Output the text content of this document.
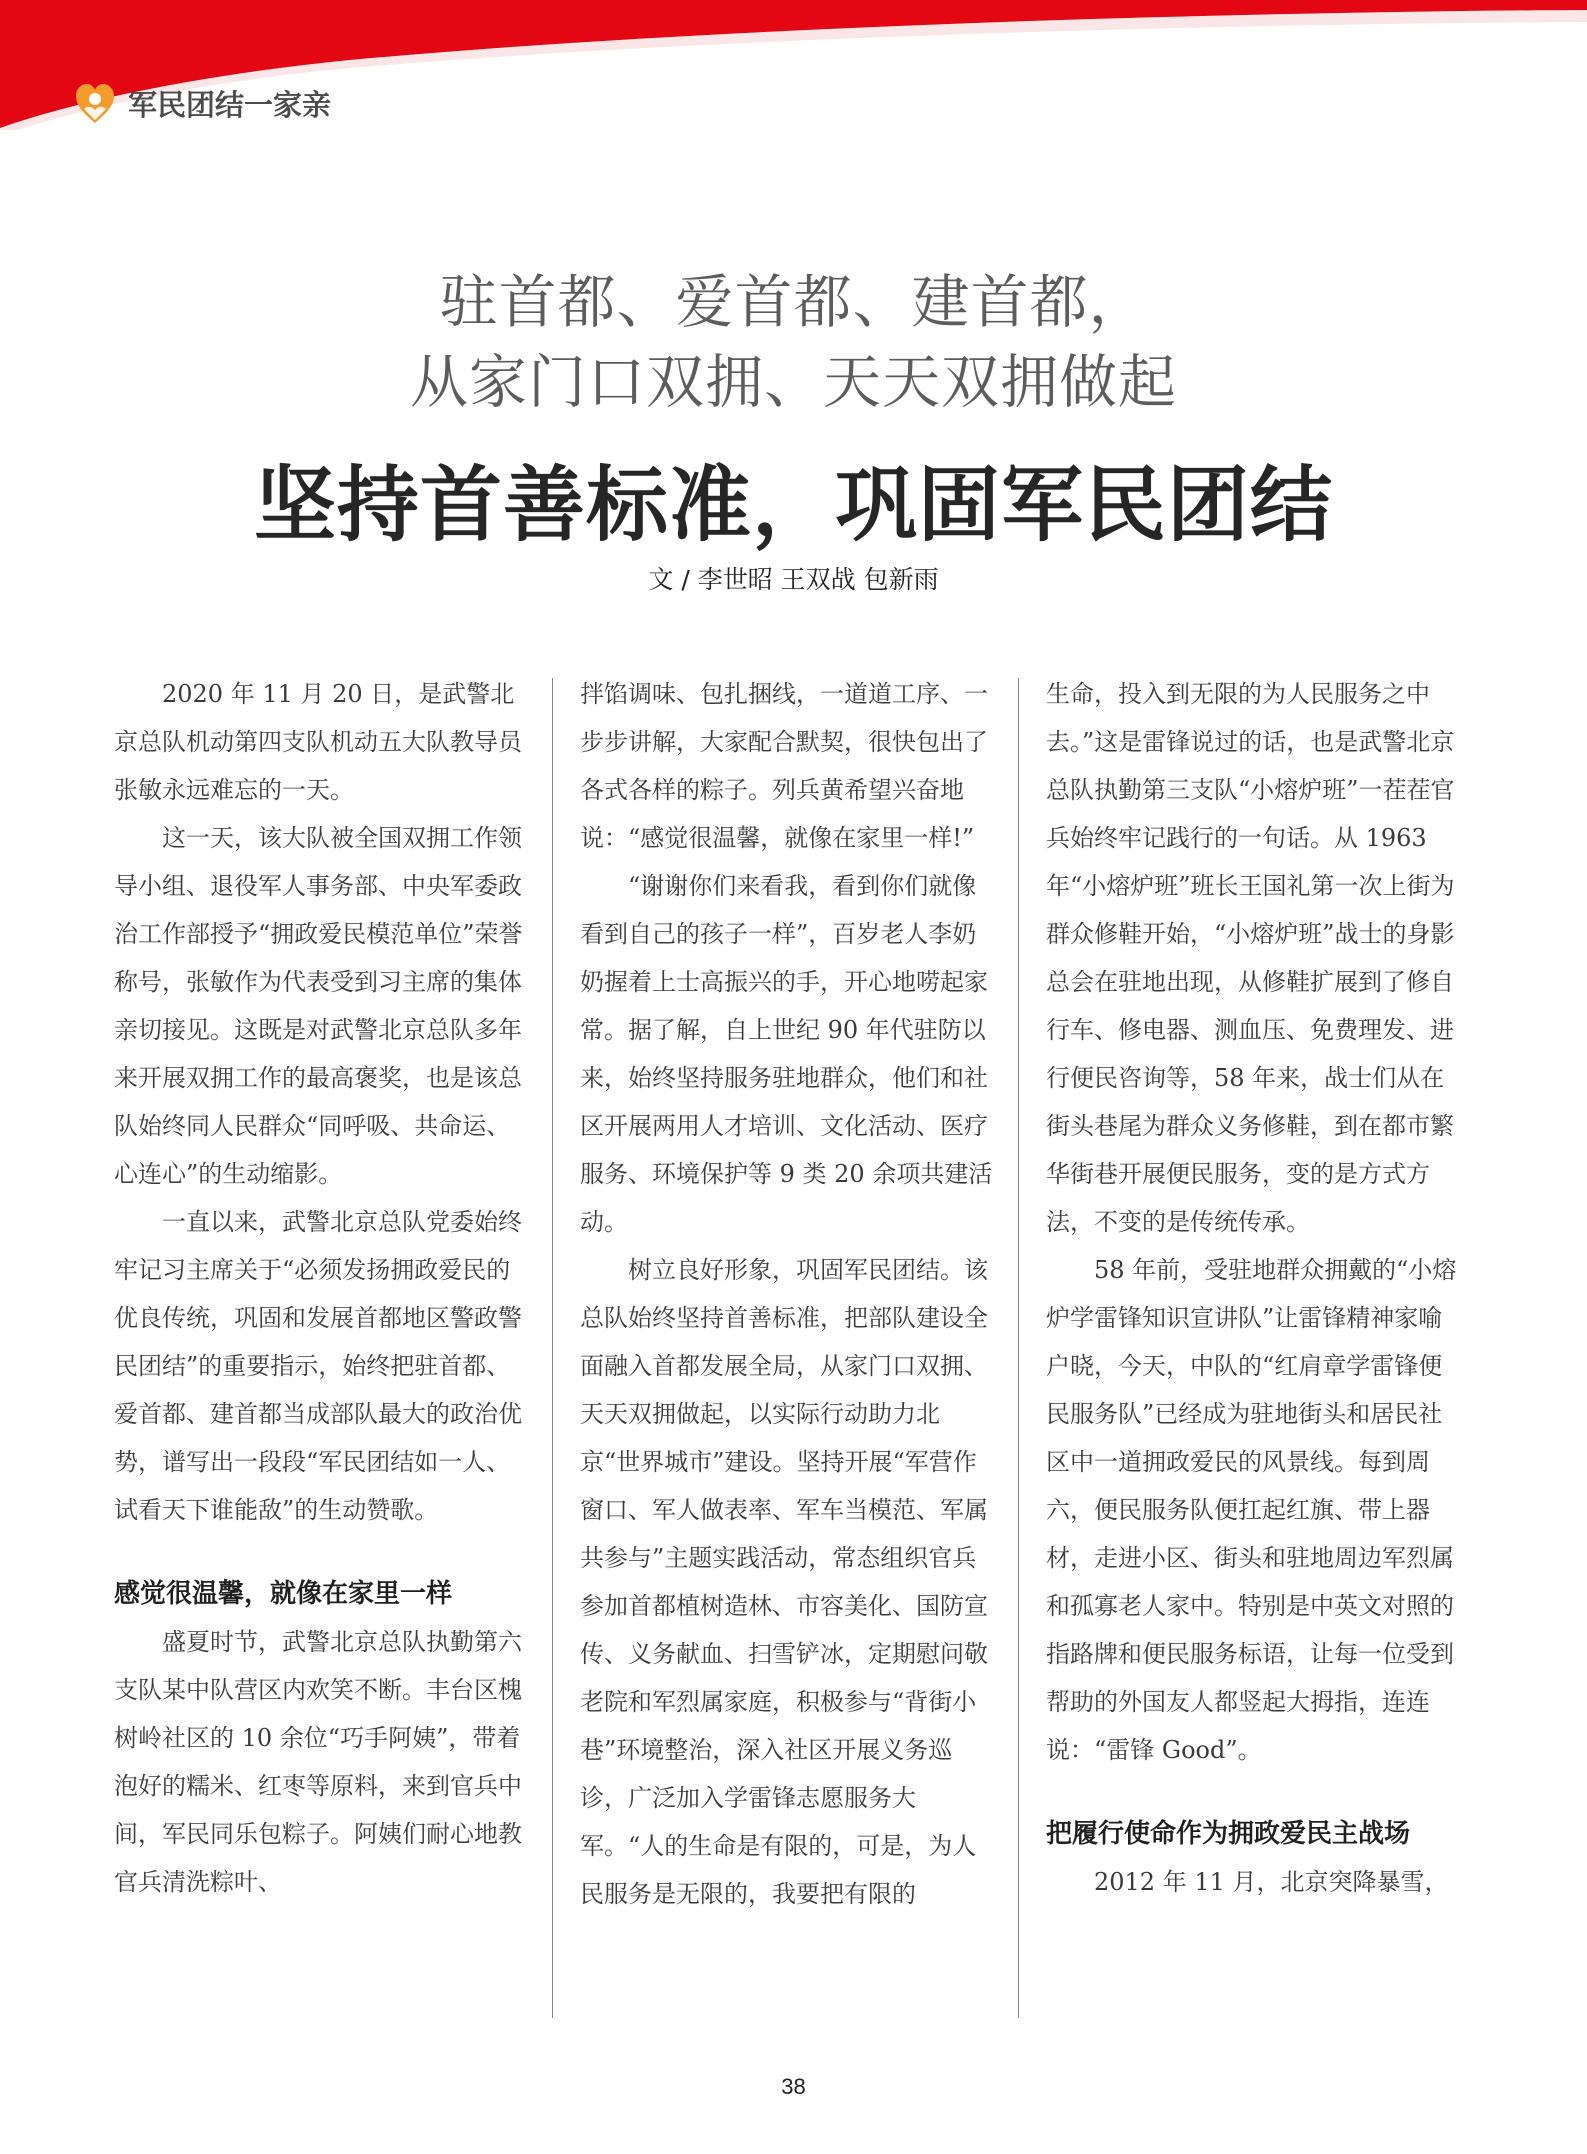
军民团结一家亲
驻首都、爱首都、建首都，
从家门口双拥、天天双拥做起
坚持首善标准，巩固军民团结
文 / 李世昭 王双战 包新雨

2020 年 11 月 20 日，是武警北京总队机动第四支队机动五大队教导员张敏永远难忘的一天。

这一天，该大队被全国双拥工作领导小组、退役军人事务部、中央军委政治工作部授予“拥政爱民模范单位”荣誉称号，张敏作为代表受到习主席的集体亲切接见。这既是对武警北京总队多年来开展双拥工作的最高褒奖，也是该总队始终同人民群众“同呼吸、共命运、心连心”的生动缩影。

一直以来，武警北京总队党委始终牢记习主席关于“必须发扬拥政爱民的优良传统，巩固和发展首都地区警政警民团结”的重要指示，始终把驻首都、爱首都、建首都当成部队最大的政治优势，谱写出一段段“军民团结如一人、试看天下谁能敌”的生动赞歌。

感觉很温馨，就像在家里一样

盛夏时节，武警北京总队执勤第六支队某中队营区内欢笑不断。丰台区槐树岭社区的 10 余位“巧手阿姨”，带着泡好的糯米、红枣等原料，来到官兵中间，军民同乐包粽子。阿姨们耐心地教官兵清洗粽叶、

拌馅调味、包扎捆线，一道道工序、一步步讲解，大家配合默契，很快包出了各式各样的粽子。列兵黄希望兴奋地说：“感觉很温馨，就像在家里一样!”

“谢谢你们来看我，看到你们就像看到自己的孩子一样”，百岁老人李奶奶握着上士高振兴的手，开心地唠起家常。据了解，自上世纪 90 年代驻防以来，始终坚持服务驻地群众，他们和社区开展两用人才培训、文化活动、医疗服务、环境保护等 9 类 20 余项共建活动。

树立良好形象，巩固军民团结。该总队始终坚持首善标准，把部队建设全面融入首都发展全局，从家门口双拥、天天双拥做起，以实际行动助力北京“世界城市”建设。坚持开展“军营作窗口、军人做表率、军车当模范、军属共参与”主题实践活动，常态组织官兵参加首都植树造林、市容美化、国防宣传、义务献血、扫雪铲冰，定期慰问敬老院和军烈属家庭，积极参与“背街小巷”环境整治，深入社区开展义务巡诊，广泛加入学雷锋志愿服务大军。“人的生命是有限的，可是，为人民服务是无限的，我要把有限的

生命，投入到无限的为人民服务之中去。”这是雷锋说过的话，也是武警北京总队执勤第三支队“小熔炉班”一茬茬官兵始终牢记践行的一句话。从 1963 年“小熔炉班”班长王国礼第一次上街为群众修鞋开始，“小熔炉班”战士的身影总会在驻地出现，从修鞋扩展到了修自行车、修电器、测血压、免费理发、进行便民咨询等，58 年来，战士们从在街头巷尾为群众义务修鞋，到在都市繁华街巷开展便民服务，变的是方式方法，不变的是传统传承。

58 年前，受驻地群众拥戴的“小熔炉学雷锋知识宣讲队”让雷锋精神家喻户晓，今天，中队的“红肩章学雷锋便民服务队”已经成为驻地街头和居民社区中一道拥政爱民的风景线。每到周六，便民服务队便扛起红旗、带上器材，走进小区、街头和驻地周边军烈属和孤寡老人家中。特别是中英文对照的指路牌和便民服务标语，让每一位受到帮助的外国友人都竖起大拇指，连连说：“雷锋 Good”。

把履行使命作为拥政爱民主战场

2012 年 11 月，北京突降暴雪，

38
